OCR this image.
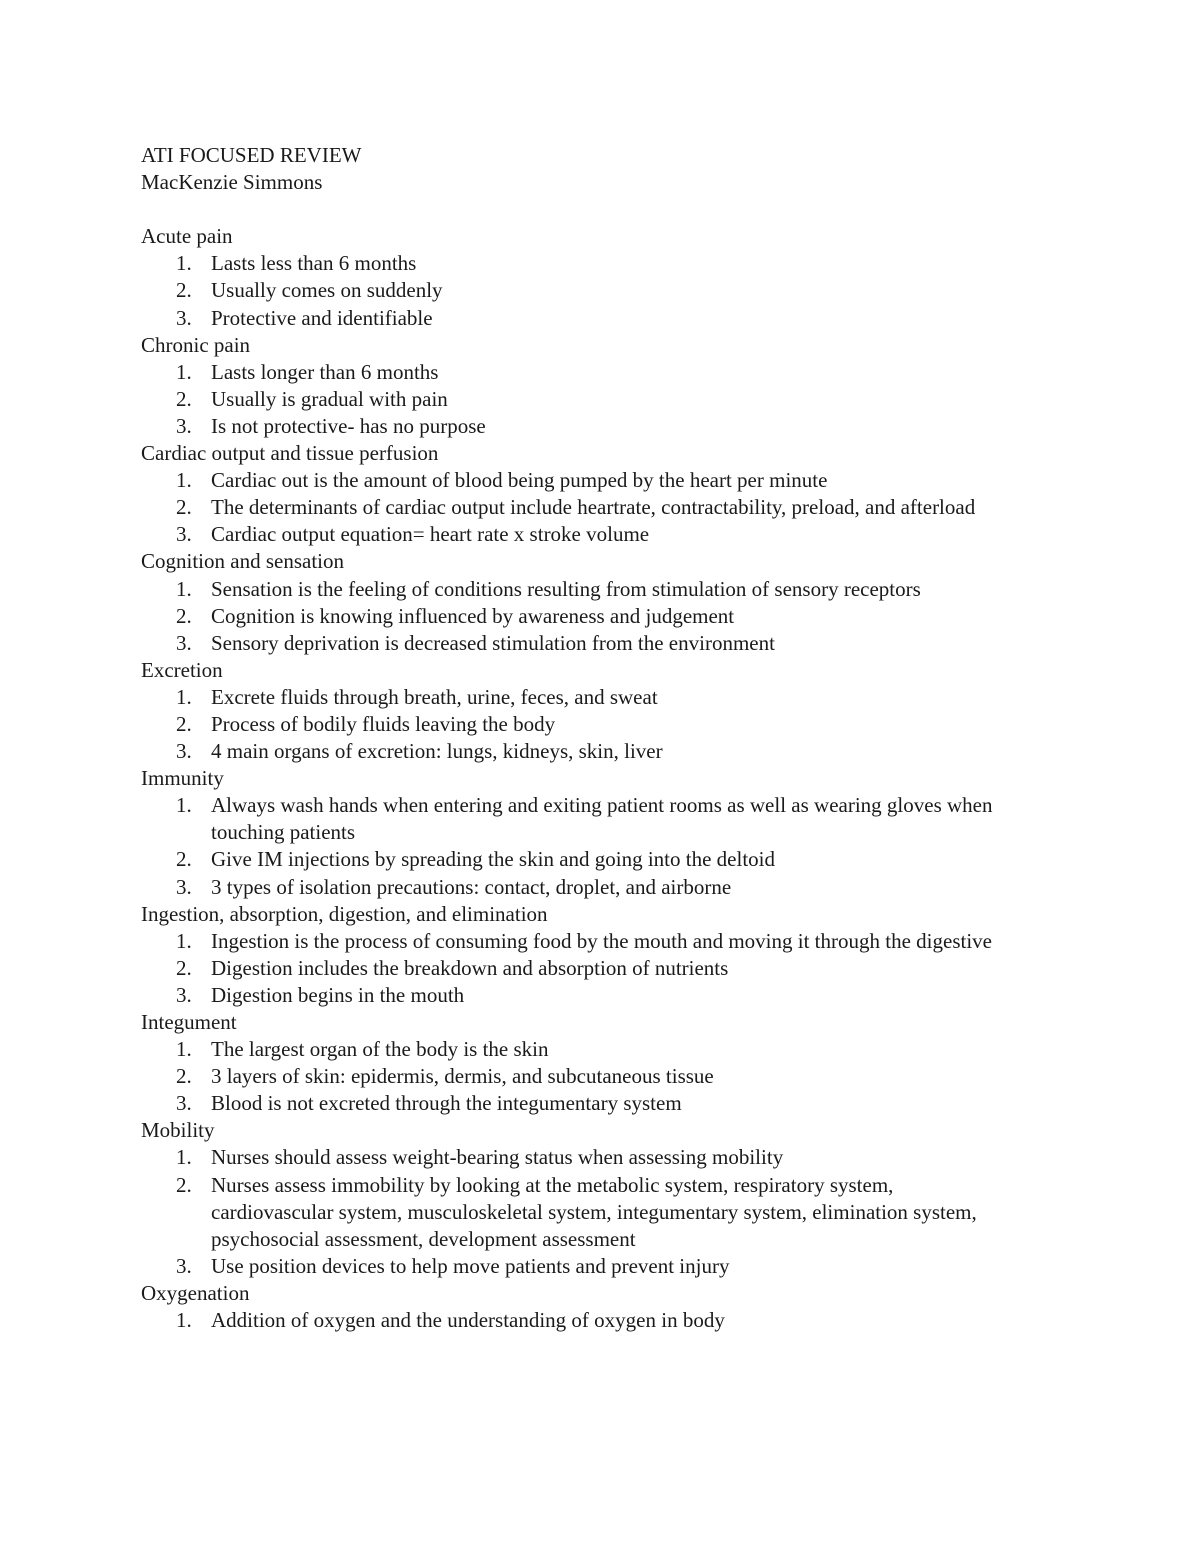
ATI FOCUSED REVIEW

MacKenzie Simmons

Acute pain

1. Lasts less than 6 months
2. Usually comes on suddenly
3. Protective and identifiable

Chronic pain

1. Lasts longer than 6 months
2. Usually is gradual with pain
3. Is not protective- has no purpose

Cardiac output and tissue perfusion

1. Cardiac out is the amount of blood being pumped by the heart per minute
2. The determinants of cardiac output include heartrate, contractability, preload, and afterload
3. Cardiac output equation= heart rate x stroke volume

Cognition and sensation

1. Sensation is the feeling of conditions resulting from stimulation of sensory receptors
2. Cognition is knowing influenced by awareness and judgement
3. Sensory deprivation is decreased stimulation from the environment

Excretion

1. Excrete fluids through breath, urine, feces, and sweat
2. Process of bodily fluids leaving the body
3. 4 main organs of excretion: lungs, kidneys, skin, liver

Immunity

1. Always wash hands when entering and exiting patient rooms as well as wearing gloves when touching patients
2. Give IM injections by spreading the skin and going into the deltoid
3. 3 types of isolation precautions: contact, droplet, and airborne

Ingestion, absorption, digestion, and elimination

1. Ingestion is the process of consuming food by the mouth and moving it through the digestive
2. Digestion includes the breakdown and absorption of nutrients
3. Digestion begins in the mouth

Integument

1. The largest organ of the body is the skin
2. 3 layers of skin: epidermis, dermis, and subcutaneous tissue
3. Blood is not excreted through the integumentary system

Mobility

1. Nurses should assess weight-bearing status when assessing mobility
2. Nurses assess immobility by looking at the metabolic system, respiratory system, cardiovascular system, musculoskeletal system, integumentary system, elimination system, psychosocial assessment, development assessment
3. Use position devices to help move patients and prevent injury

Oxygenation

1. Addition of oxygen and the understanding of oxygen in body
